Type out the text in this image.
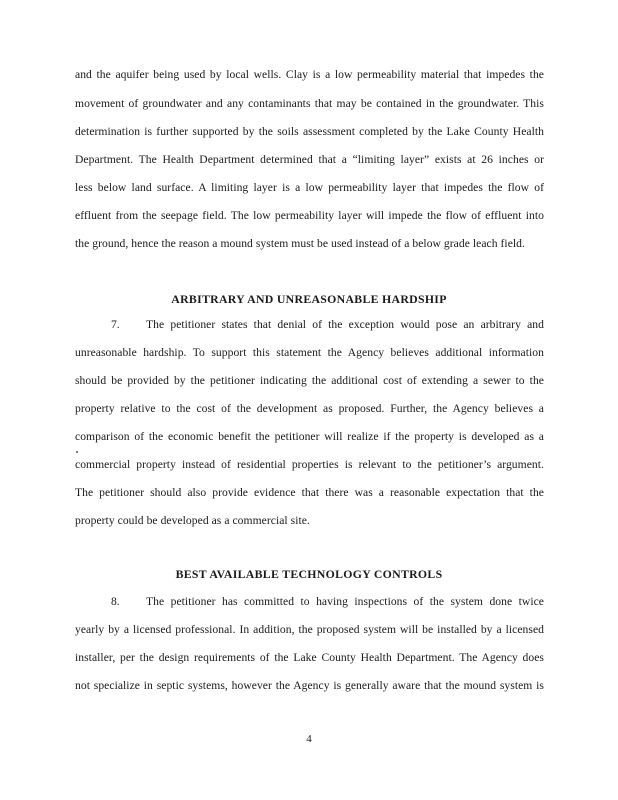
and the aquifer being used by local wells. Clay is a low permeability material that impedes the
movement of groundwater and any contaminants that may be contained in the groundwater. This
determination is further supported by the soils assessment completed by the Lake County Health
Department. The Health Department determined that a “limiting layer” exists at 26 inches or
less below land surface. A limiting layer is a low permeability layer that impedes the flow of
effluent from the seepage field. The low permeability layer will impede the flow of effluent into
the ground, hence the reason a mound system must be used instead of a below grade leach field.
ARBITRARY AND UNREASONABLE HARDSHIP
7. The petitioner states that denial of the exception would pose an arbitrary and
unreasonable hardship. To support this statement the Agency believes additional information
should be provided by the petitioner indicating the additional cost of extending a sewer to the
property relative to the cost of the development as proposed. Further, the Agency believes a
comparison of the economic benefit the petitioner will realize if the property is developed as a
commercial property instead of residential properties is relevant to the petitioner’s argument.
The petitioner should also provide evidence that there was a reasonable expectation that the
property could be developed as a commercial site.
BEST AVAILABLE TECHNOLOGY CONTROLS
8. The petitioner has committed to having inspections of the system done twice
yearly by a licensed professional. In addition, the proposed system will be installed by a licensed
installer, per the design requirements of the Lake County Health Department. The Agency does
not specialize in septic systems, however the Agency is generally aware that the mound system is
4
